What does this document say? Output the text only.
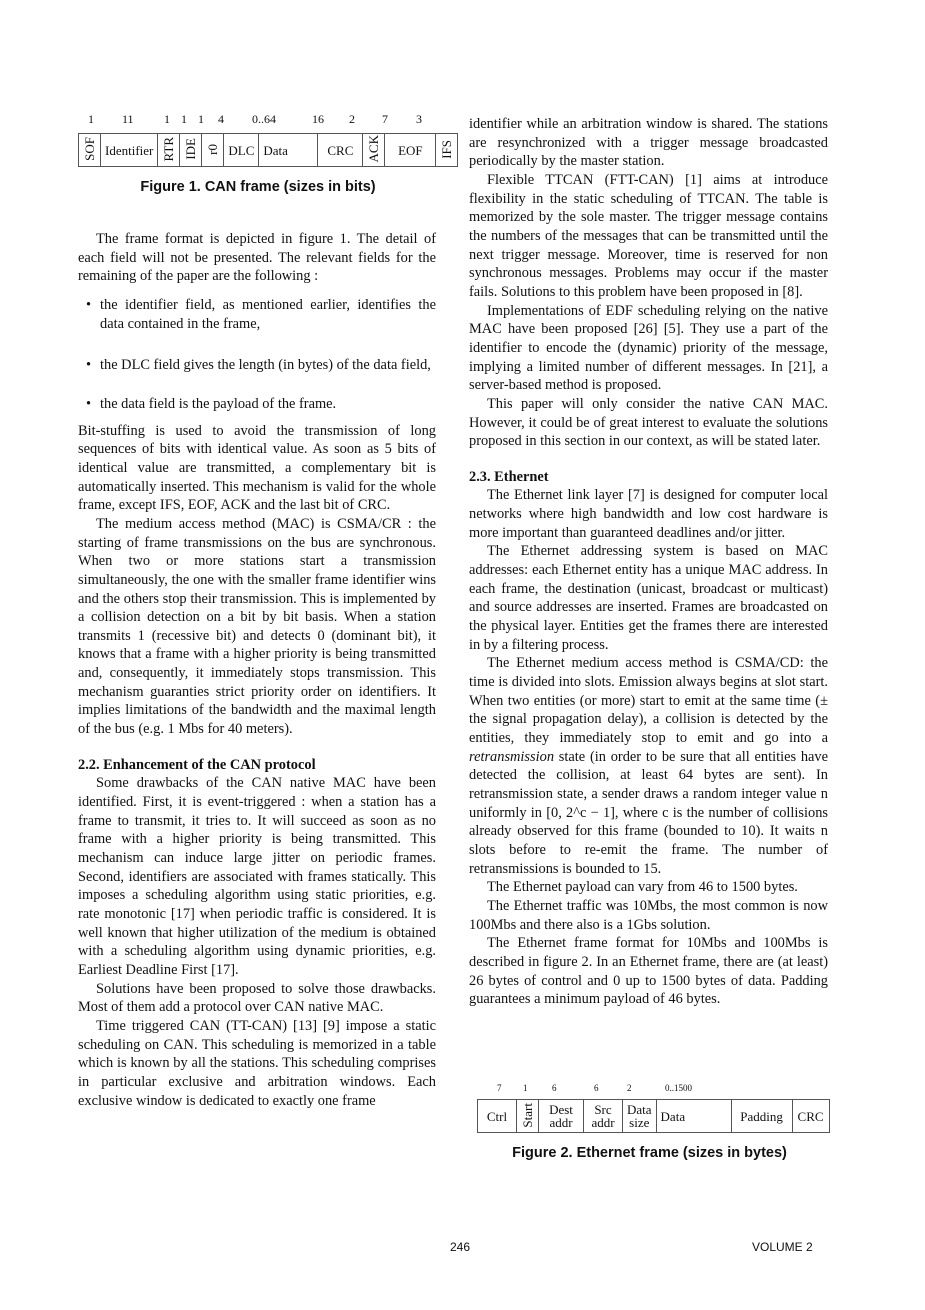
1 11	1 1 1 4 0..64	16 2 7 3
SOF	Identifier	RTR	IDE	r0	DLC	Data	CRC	ACK	EOF	IFS
Figure 1. CAN frame (sizes in bits)

The frame format is depicted in figure 1. The detail of each field will not be presented. The relevant fields for the remaining of the paper are the following :

• the identifier field, as mentioned earlier, identifies the data contained in the frame,
• the DLC field gives the length (in bytes) of the data field,
• the data field is the payload of the frame.

Bit-stuffing is used to avoid the transmission of long sequences of bits with identical value. As soon as 5 bits of identical value are transmitted, a complementary bit is automatically inserted. This mechanism is valid for the whole frame, except IFS, EOF, ACK and the last bit of CRC.

The medium access method (MAC) is CSMA/CR : the starting of frame transmissions on the bus are synchronous. When two or more stations start a transmission simultaneously, the one with the smaller frame identifier wins and the others stop their transmission. This is implemented by a collision detection on a bit by bit basis. When a station transmits 1 (recessive bit) and detects 0 (dominant bit), it knows that a frame with a higher priority is being transmitted and, consequently, it immediately stops transmission. This mechanism guaranties strict priority order on identifiers. It implies limitations of the bandwidth and the maximal length of the bus (e.g. 1 Mbs for 40 meters).

2.2. Enhancement of the CAN protocol

Some drawbacks of the CAN native MAC have been identified. First, it is event-triggered : when a station has a frame to transmit, it tries to. It will succeed as soon as no frame with a higher priority is being transmitted. This mechanism can induce large jitter on periodic frames. Second, identifiers are associated with frames statically. This imposes a scheduling algorithm using static priorities, e.g. rate monotonic [17] when periodic traffic is considered. It is well known that higher utilization of the medium is obtained with a scheduling algorithm using dynamic priorities, e.g. Earliest Deadline First [17].

Solutions have been proposed to solve those drawbacks. Most of them add a protocol over CAN native MAC.

Time triggered CAN (TT-CAN) [13] [9] impose a static scheduling on CAN. This scheduling is memorized in a table which is known by all the stations. This scheduling comprises in particular exclusive and arbitration windows. Each exclusive window is dedicated to exactly one frame

identifier while an arbitration window is shared. The stations are resynchronized with a trigger message broadcasted periodically by the master station.

Flexible TTCAN (FTT-CAN) [1] aims at introduce flexibility in the static scheduling of TTCAN. The table is memorized by the sole master. The trigger message contains the numbers of the messages that can be transmitted until the next trigger message. Moreover, time is reserved for non synchronous messages. Problems may occur if the master fails. Solutions to this problem have been proposed in [8].

Implementations of EDF scheduling relying on the native MAC have been proposed [26] [5]. They use a part of the identifier to encode the (dynamic) priority of the message, implying a limited number of different messages. In [21], a server-based method is proposed.

This paper will only consider the native CAN MAC. However, it could be of great interest to evaluate the solutions proposed in this section in our context, as will be stated later.

2.3. Ethernet

The Ethernet link layer [7] is designed for computer local networks where high bandwidth and low cost hardware is more important than guaranteed deadlines and/or jitter.

The Ethernet addressing system is based on MAC addresses: each Ethernet entity has a unique MAC address. In each frame, the destination (unicast, broadcast or multicast) and source addresses are inserted. Frames are broadcasted on the physical layer. Entities get the frames there are interested in by a filtering process.

The Ethernet medium access method is CSMA/CD: the time is divided into slots. Emission always begins at slot start. When two entities (or more) start to emit at the same time (± the signal propagation delay), a collision is detected by the entities, they immediately stop to emit and go into a retransmission state (in order to be sure that all entities have detected the collision, at least 64 bytes are sent). In retransmission state, a sender draws a random integer value n uniformly in [0, 2^c − 1], where c is the number of collisions already observed for this frame (bounded to 10). It waits n slots before to re-emit the frame. The number of retransmissions is bounded to 15.

The Ethernet payload can vary from 46 to 1500 bytes.

The Ethernet traffic was 10Mbs, the most common is now 100Mbs and there also is a 1Gbs solution.

The Ethernet frame format for 10Mbs and 100Mbs is described in figure 2. In an Ethernet frame, there are (at least) 26 bytes of control and 0 up to 1500 bytes of data. Padding guarantees a minimum payload of 46 bytes.

7 1	6	6	2	0..1500
Ctrl	Start	Dest addr	Src addr	Data size	Data	Padding	CRC
Figure 2. Ethernet frame (sizes in bytes)
246	VOLUME 2
